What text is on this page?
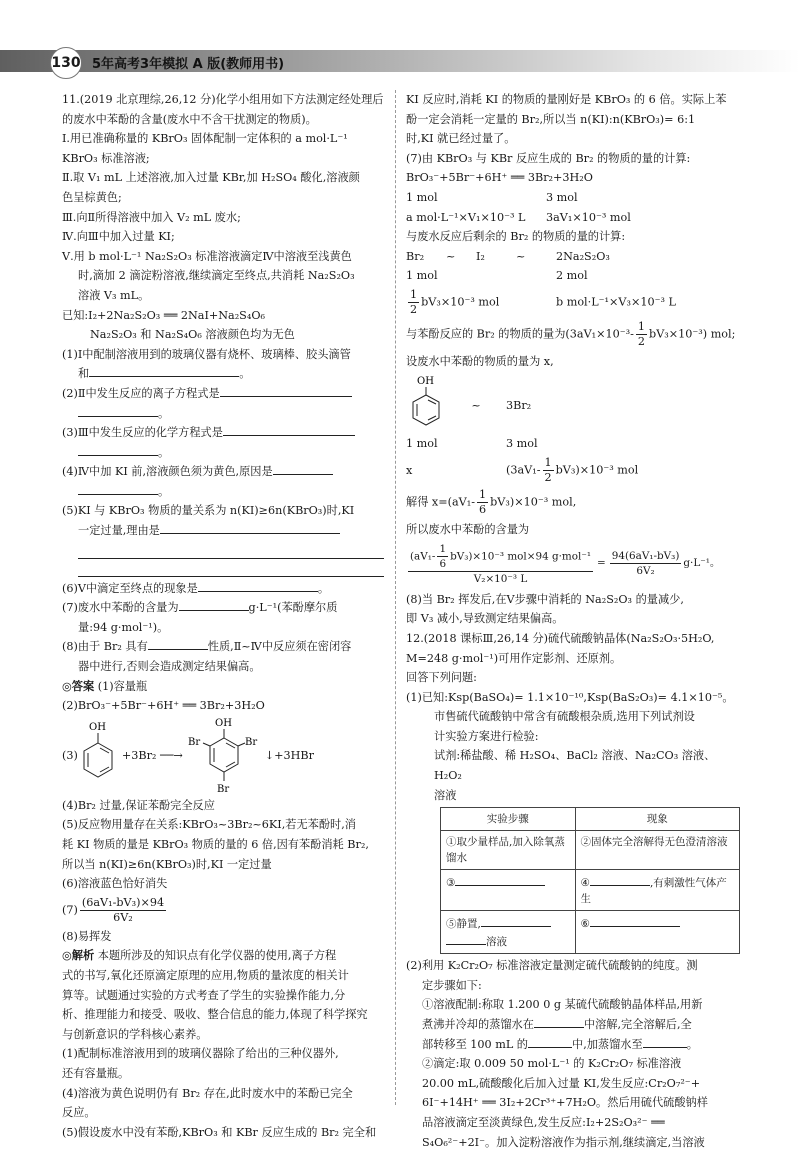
130 5年高考3年模拟 A 版(教师用书)

11.(2019 北京理综,26,12 分)化学小组用如下方法测定经处理后的废水中苯酚的含量(废水中不含干扰测定的物质)。

Ⅰ.用已准确称量的 KBrO₃ 固体配制一定体积的 a mol·L⁻¹

KBrO₃ 标准溶液;

Ⅱ.取 V₁ mL 上述溶液,加入过量 KBr,加 H₂SO₄ 酸化,溶液颜

色呈棕黄色;

Ⅲ.向Ⅱ所得溶液中加入 V₂ mL 废水;

Ⅳ.向Ⅲ中加入过量 KI;

Ⅴ.用 b mol·L⁻¹ Na₂S₂O₃ 标准溶液滴定Ⅳ中溶液至浅黄色

时,滴加 2 滴淀粉溶液,继续滴定至终点,共消耗 Na₂S₂O₃

溶液 V₃ mL。

已知:I₂+2Na₂S₂O₃ ══ 2NaI+Na₂S₄O₆

Na₂S₂O₃ 和 Na₂S₄O₆ 溶液颜色均为无色

(1)Ⅰ中配制溶液用到的玻璃仪器有烧杯、玻璃棒、胶头滴管

和	。

(2)Ⅱ中发生反应的离子方程式是

。

(3)Ⅲ中发生反应的化学方程式是

。

(4)Ⅳ中加 KI 前,溶液颜色须为黄色,原因是

。

(5)KI 与 KBrO₃ 物质的量关系为 n(KI)≥6n(KBrO₃)时,KI

一定过量,理由是

(6)Ⅴ中滴定至终点的现象是	。

(7)废水中苯酚的含量为	g·L⁻¹(苯酚摩尔质

量:94 g·mol⁻¹)。

(8)由于 Br₂ 具有	性质,Ⅱ~Ⅳ中反应须在密闭容

器中进行,否则会造成测定结果偏高。

◎答案 (1)容量瓶

(2)BrO₃⁻+5Br⁻+6H⁺ ══ 3Br₂+3H₂O

(3)
OH
+3Br₂ ──→
OH
Br	Br
Br
↓+3HBr

(4)Br₂ 过量,保证苯酚完全反应

(5)反应物用量存在关系:KBrO₃~3Br₂~6KI,若无苯酚时,消

耗 KI 物质的量是 KBrO₃ 物质的量的 6 倍,因有苯酚消耗 Br₂,

所以当 n(KI)≥6n(KBrO₃)时,KI 一定过量

(6)溶液蓝色恰好消失

$(7) \frac{\text{(6aV₁-bV₃)×94}}{\text{6V₂}}$

(8)易挥发

◎解析 本题所涉及的知识点有化学仪器的使用,离子方程

式的书写,氧化还原滴定原理的应用,物质的量浓度的相关计

算等。试题通过实验的方式考查了学生的实验操作能力,分

析、推理能力和接受、吸收、整合信息的能力,体现了科学探究

与创新意识的学科核心素养。

(1)配制标准溶液用到的玻璃仪器除了给出的三种仪器外,

还有容量瓶。

(4)溶液为黄色说明仍有 Br₂ 存在,此时废水中的苯酚已完全

反应。

(5)假设废水中没有苯酚,KBrO₃ 和 KBr 反应生成的 Br₂ 完全和

KI 反应时,消耗 KI 的物质的量刚好是 KBrO₃ 的 6 倍。实际上苯

酚一定会消耗一定量的 Br₂,所以当 n(KI):n(KBrO₃)= 6:1

时,KI 就已经过量了。

(7)由 KBrO₃ 与 KBr 反应生成的 Br₂ 的物质的量的计算:

BrO₃⁻+5Br⁻+6H⁺ ══ 3Br₂+3H₂O

1 mol	3 mol

a mol·L⁻¹×V₁×10⁻³ L 3aV₁×10⁻³ mol

与废水反应后剩余的 Br₂ 的物质的量的计算:

Br₂ ~ I₂	~	2Na₂S₂O₃

1 mol	2 mol

$\frac{1}{2} bV_3\times 10^{-3}$ mol	b mol·L⁻¹×V₃×10⁻³ L

与苯酚反应的 Br₂ 的物质的量为$(3aV_1\times 10^{-3}- \frac{1}{2} bV_3\times 10^{-3})$ mol;

设废水中苯酚的物质的量为 x,

OH
~	3Br₂

1 mol	3 mol

x	$(3aV_1- \frac{1}{2} bV_3)\times 10^{-3}$ mol

解得 $x=(aV_1- \frac{1}{6} bV_3)\times 10^{-3}$ mol,

所以废水中苯酚的含量为

$\frac{(aV_1- \frac{1}{6} bV_3)\times 10^{-3} mol\times 94 g\cdot mol^{-1}}{\text{V₂×10⁻³ L}} = \frac{\text{94(6aV₁-bV₃)}}{\text{6V₂}} g\cdot L^{-1}$。

(8)当 Br₂ 挥发后,在Ⅴ步骤中消耗的 Na₂S₂O₃ 的量减少,

即 V₃ 减小,导致测定结果偏高。

12.(2018 课标Ⅲ,26,14 分)硫代硫酸钠晶体(Na₂S₂O₃·5H₂O,

M=248 g·mol⁻¹)可用作定影剂、还原剂。

回答下列问题:

(1)已知:Ksp(BaSO₄)= 1.1×10⁻¹⁰,Ksp(BaS₂O₃)= 4.1×10⁻⁵。

市售硫代硫酸钠中常含有硫酸根杂质,选用下列试剂设

计实验方案进行检验:

试剂:稀盐酸、稀 H₂SO₄、BaCl₂ 溶液、Na₂CO₃ 溶液、H₂O₂

溶液

实验步骤	现象
①取少量样品,加入除氧蒸馏水	②固体完全溶解得无色澄清溶液
③	④ ,有刺激性气体产生
⑤静置,
溶液	⑥

(2)利用 K₂Cr₂O₇ 标准溶液定量测定硫代硫酸钠的纯度。测

定步骤如下:

①溶液配制:称取 1.200 0 g 某硫代硫酸钠晶体样品,用新

煮沸并冷却的蒸馏水在	中溶解,完全溶解后,全

部转移至 100 mL 的	中,加蒸馏水至	。

②滴定:取 0.009 50 mol·L⁻¹ 的 K₂Cr₂O₇ 标准溶液

20.00 mL,硫酸酸化后加入过量 KI,发生反应:Cr₂O₇²⁻+

6I⁻+14H⁺ ══ 3I₂+2Cr³⁺+7H₂O。然后用硫代硫酸钠样

品溶液滴定至淡黄绿色,发生反应:I₂+2S₂O₃²⁻ ══

S₄O₆²⁻+2I⁻。加入淀粉溶液作为指示剂,继续滴定,当溶液
